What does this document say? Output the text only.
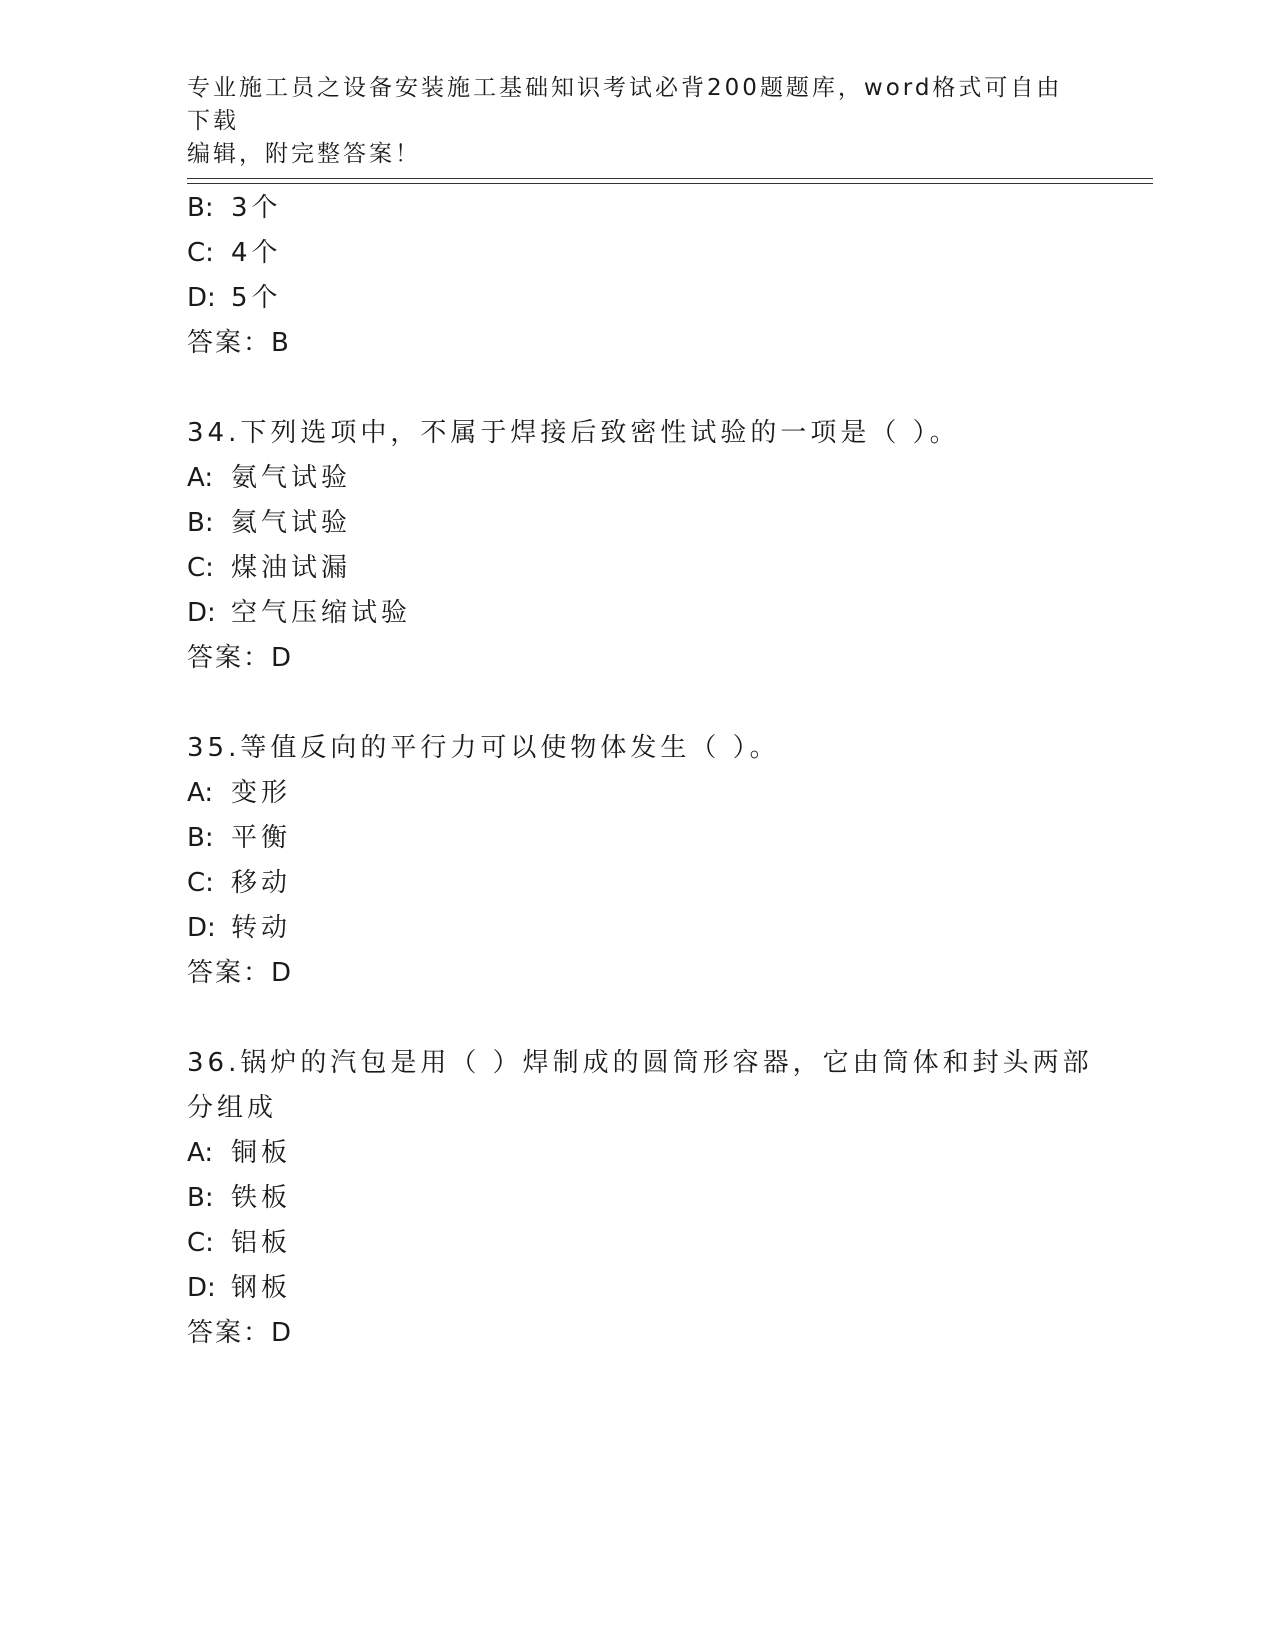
专业施工员之设备安装施工基础知识考试必背200题题库，word格式可自由下载
编辑，附完整答案！
B: 3个
C: 4个
D: 5个
答案：B
34.下列选项中，不属于焊接后致密性试验的一项是（ ）。
A: 氨气试验
B: 氦气试验
C: 煤油试漏
D: 空气压缩试验
答案：D
35.等值反向的平行力可以使物体发生（ ）。
A: 变形
B: 平衡
C: 移动
D: 转动
答案：D
36.锅炉的汽包是用（ ）焊制成的圆筒形容器，它由筒体和封头两部
分组成
A: 铜板
B: 铁板
C: 铝板
D: 钢板
答案：D
